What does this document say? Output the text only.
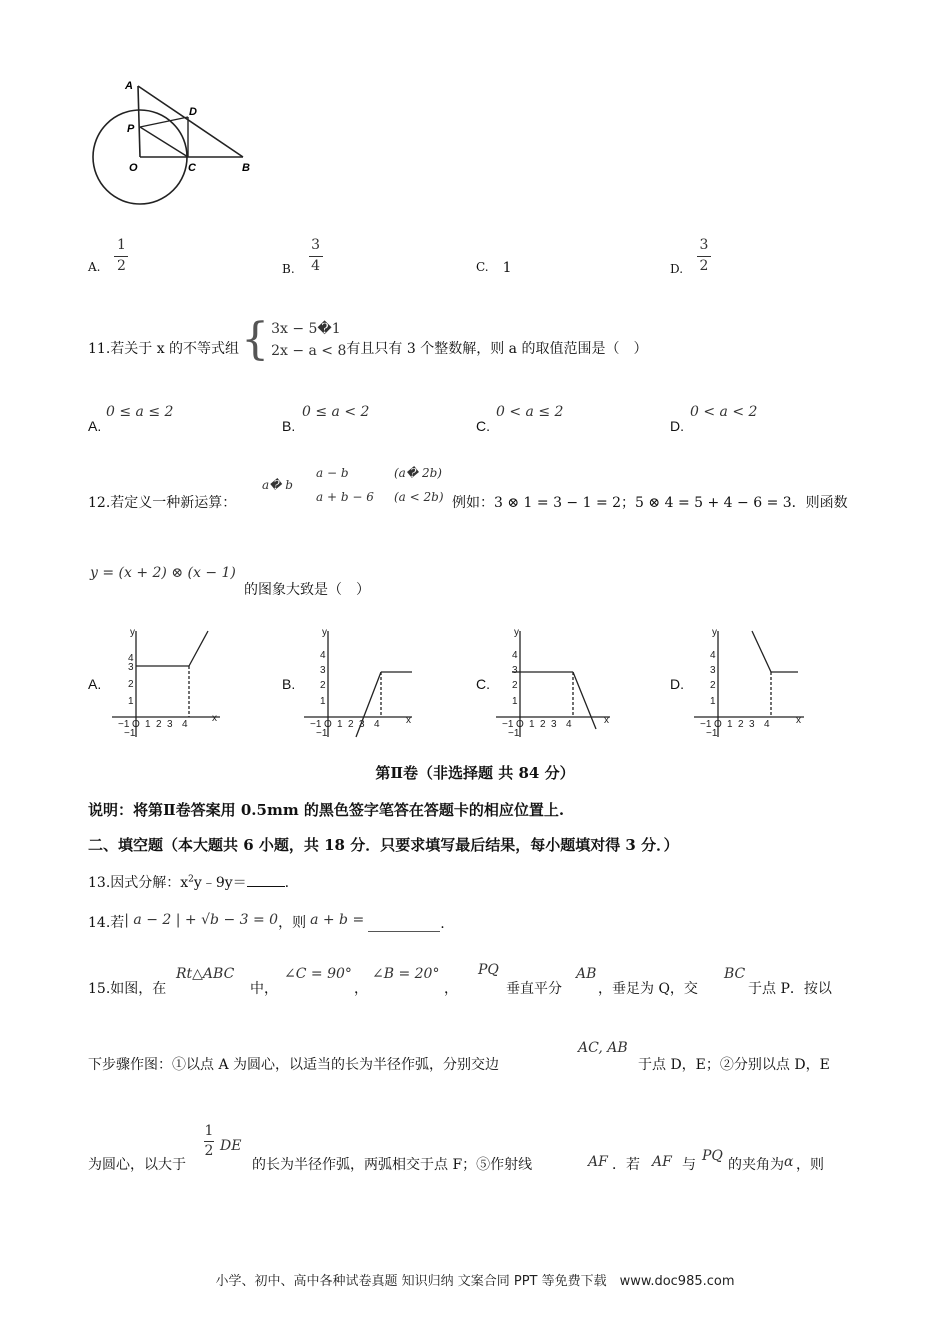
A
D
P
O	C	B
A. $\frac{1}{2}$	B. $\frac{3}{4}$	C. 1	D. $\frac{3}{2}$
11.若关于 x 的不等式组 { 3x − 5�1
2x − a < 8 有且只有 3 个整数解，则 a 的取值范围是（　）
0 ≤ a ≤ 2
A.
0 ≤ a < 2
B.
0 < a ≤ 2
C.
0 < a < 2
D.
12.若定义一种新运算：
a� b
a − b
a + b − 6
(a� 2b)
(a < 2b) 例如：3 ⊗ 1 = 3 − 1 = 2；5 ⊗ 4 = 5 + 4 − 6 = 3．则函数
y = (x + 2) ⊗ (x − 1)
的图象大致是（　）
A.
y
x
4
3
2
1
−1 O 1 2 3 4
−1
B.
y
x
4
3
2
1
−1 O 1 2 3 4
−1
C.
y
x
4
3
2
1
−1 O 1 2 3 4
−1
D.
y
x
4
3
2
1
−1 O 1 2 3 4
−1
第Ⅱ卷（非选择题 共 84 分）
说明：将第Ⅱ卷答案用 0.5mm 的黑色签字笔答在答题卡的相应位置上.
二、填空题（本大题共 6 小题，共 18 分．只要求填写最后结果，每小题填对得 3 分．）
13.因式分解：$x^2y﹣9y=$	.
14.若 | a − 2 | + √b − 3 = 0 ，则 a + b =	.
15.如图，在
Rt△ABC
中，
∠C = 90°
，
∠B = 20°
，
PQ
垂直平分
AB
，垂足为 Q，交
BC
于点 P．按以
下步骤作图：①以点 A 为圆心，以适当的长为半径作弧，分别交边
AC, AB
于点 D，E；②分别以点 D，E
为圆心，以大于
1
2 DE
的长为半径作弧，两弧相交于点 F；⑤作射线	AF ．若 AF 与
PQ
的夹角为 α ，则
小学、初中、高中各种试卷真题 知识归纳 文案合同 PPT 等免费下载　www.doc985.com
